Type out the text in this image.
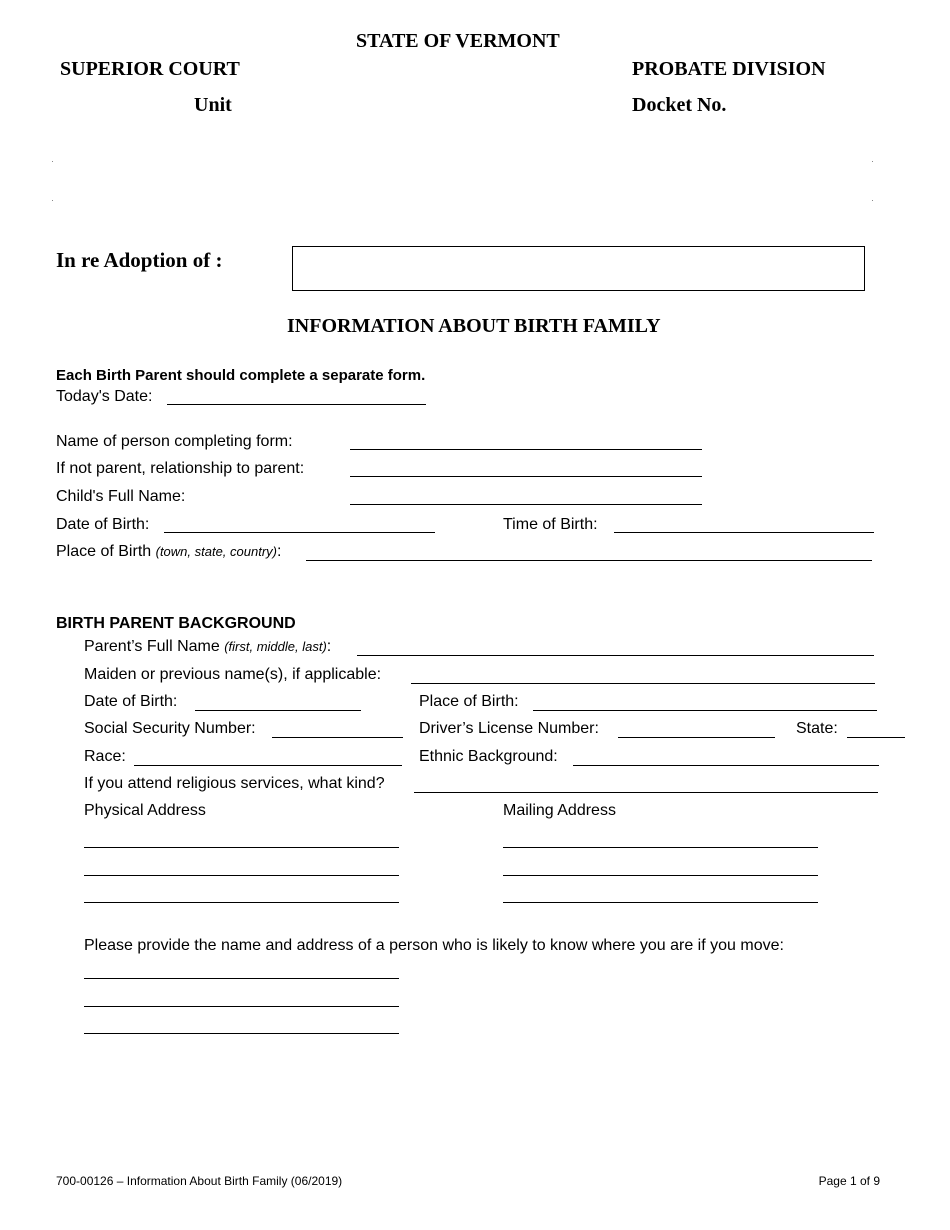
STATE OF VERMONT
SUPERIOR COURT	PROBATE DIVISION
Unit	Docket No.
In re Adoption of :
INFORMATION ABOUT BIRTH FAMILY
Each Birth Parent should complete a separate form.
Today's Date:
Name of person completing form:
If not parent, relationship to parent:
Child's Full Name:
Date of Birth:	Time of Birth:
Place of Birth (town, state, country):
BIRTH PARENT BACKGROUND
Parent’s Full Name (first, middle, last):
Maiden or previous name(s), if applicable:
Date of Birth:	Place of Birth:
Social Security Number:	Driver’s License Number:	State:
Race:	Ethnic Background:
If you attend religious services, what kind?
Physical Address	Mailing Address
Please provide the name and address of a person who is likely to know where you are if you move:
700-00126 – Information About Birth Family (06/2019)	Page 1 of 9
